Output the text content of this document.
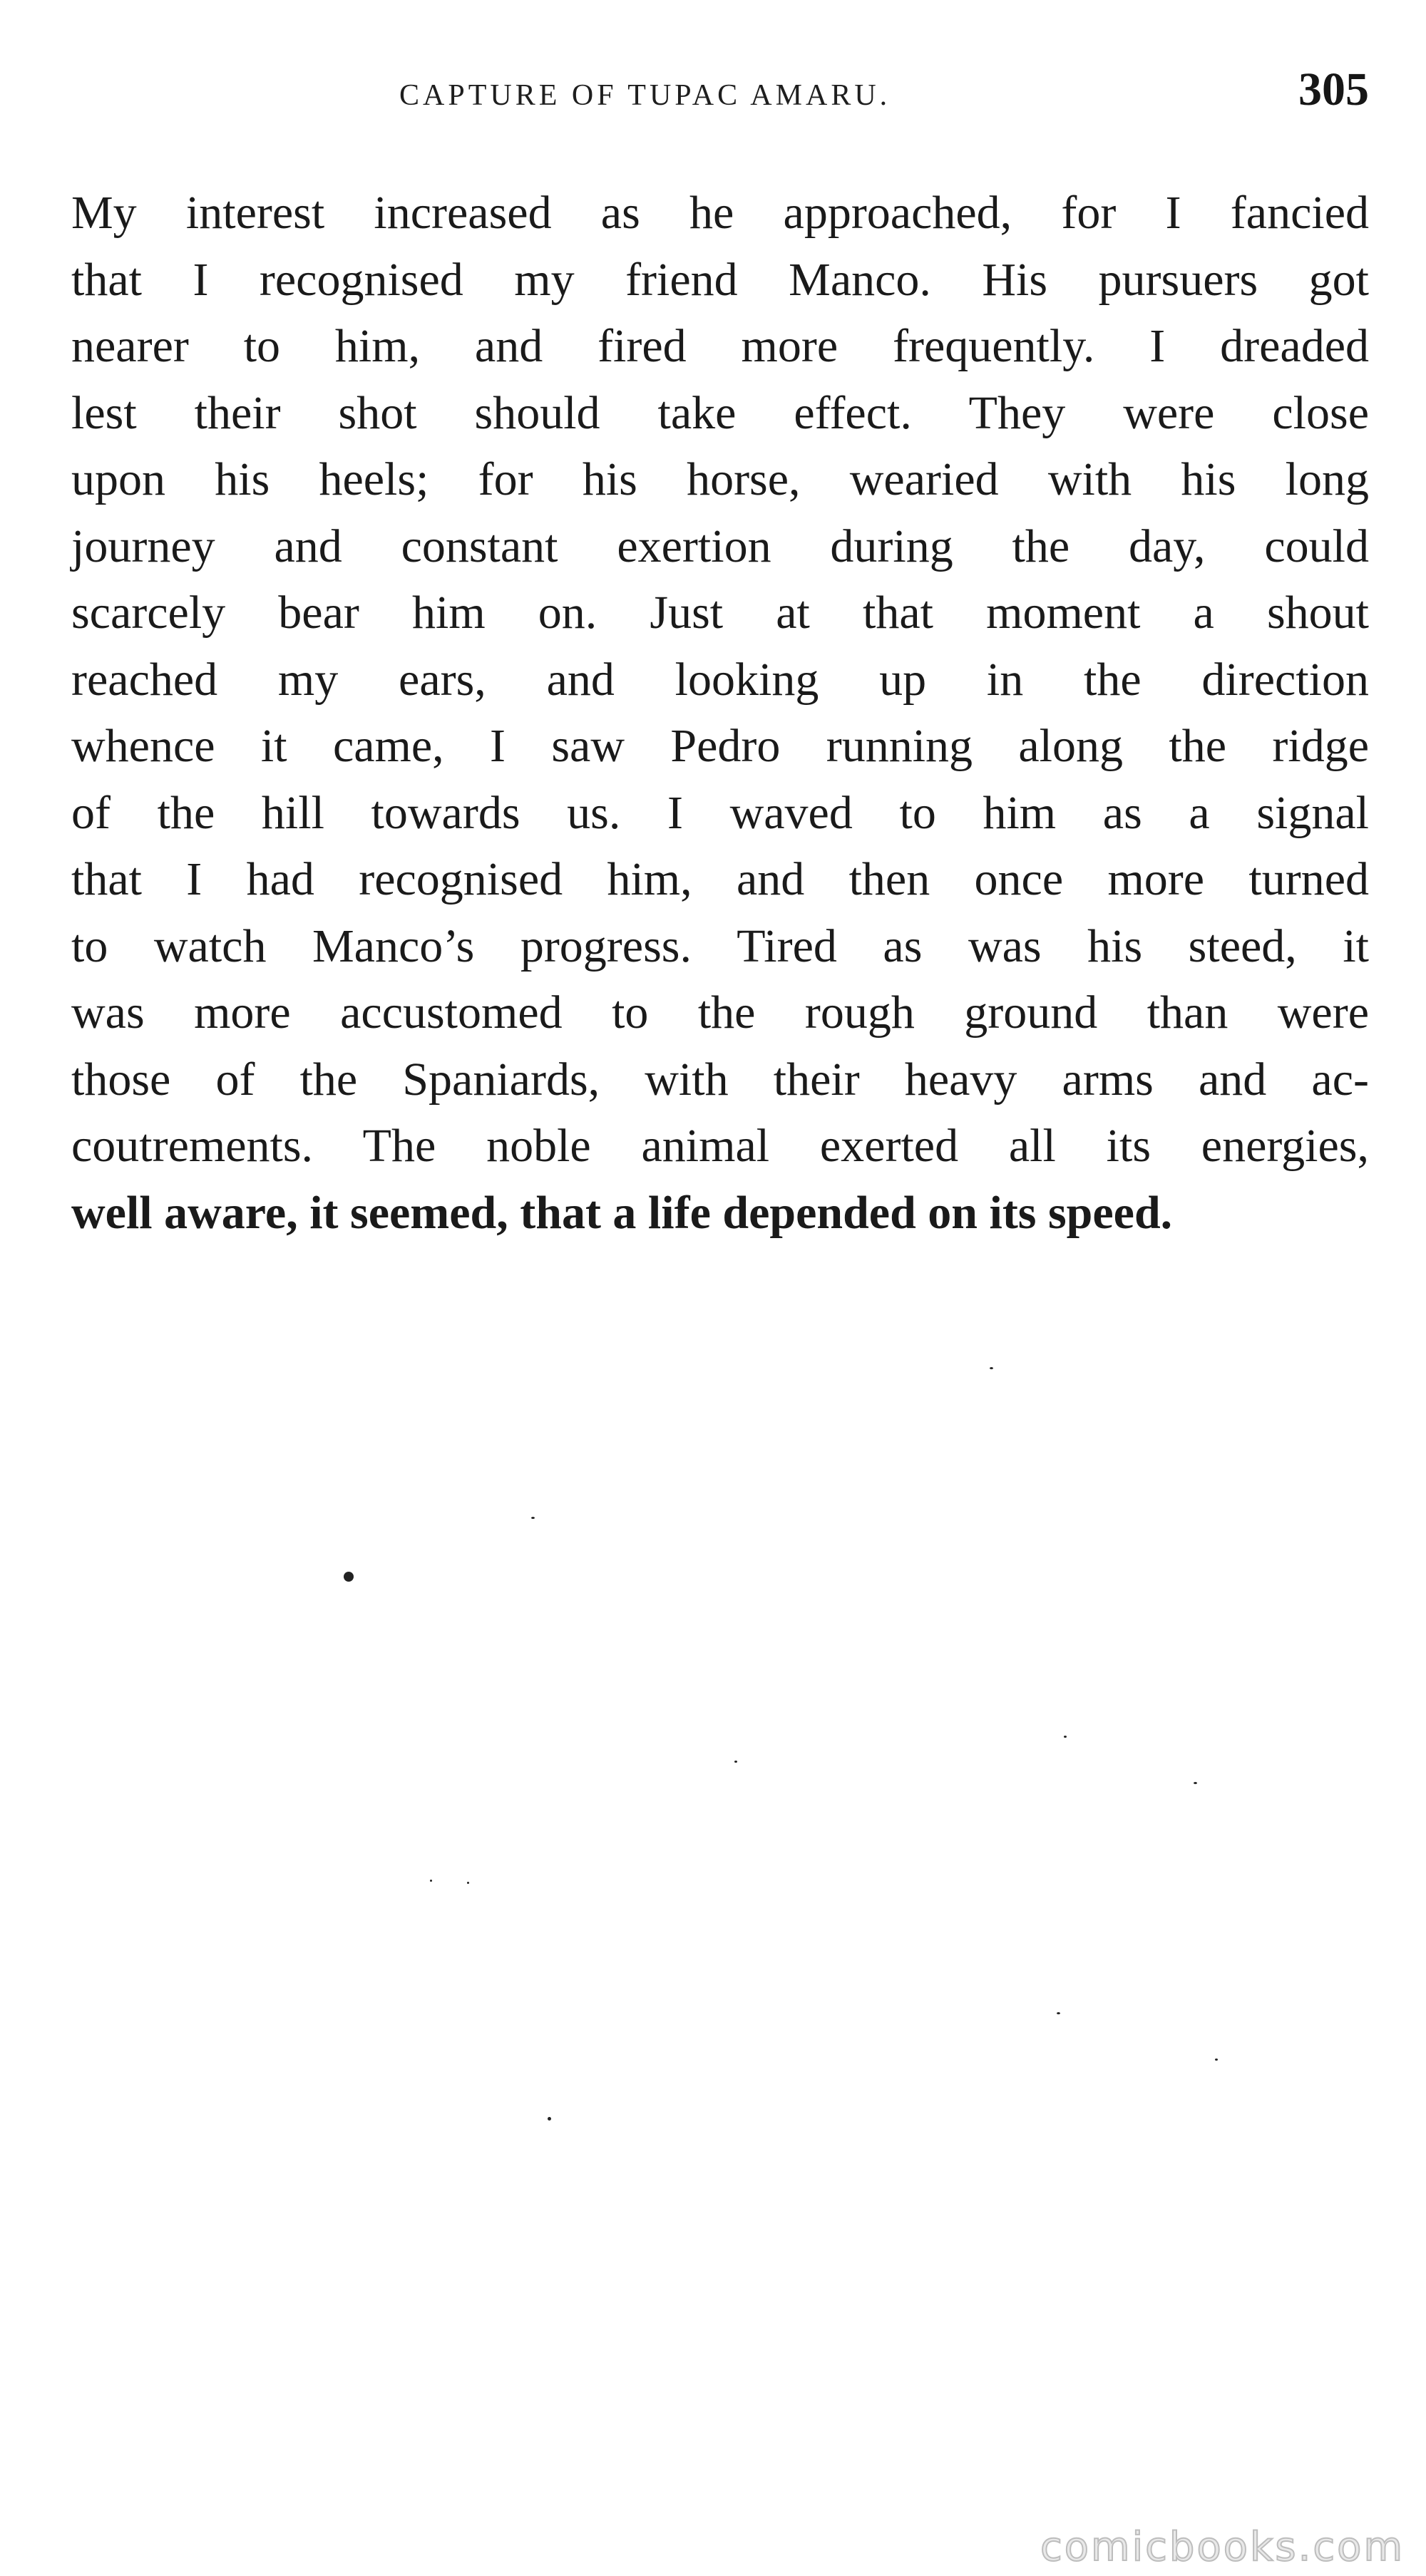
CAPTURE OF TUPAC AMARU.	305
My interest increased as he approached, for I fancied
that I recognised my friend Manco. His pursuers got
nearer to him, and fired more frequently. I dreaded
lest their shot should take effect. They were close
upon his heels; for his horse, wearied with his long
journey and constant exertion during the day, could
scarcely bear him on. Just at that moment a shout
reached my ears, and looking up in the direction
whence it came, I saw Pedro running along the ridge
of the hill towards us. I waved to him as a signal
that I had recognised him, and then once more turned
to watch Manco’s progress. Tired as was his steed, it
was more accustomed to the rough ground than were
those of the Spaniards, with their heavy arms and ac-
coutrements. The noble animal exerted all its energies,
well aware, it seemed, that a life depended on its speed.
comicbooks.com
